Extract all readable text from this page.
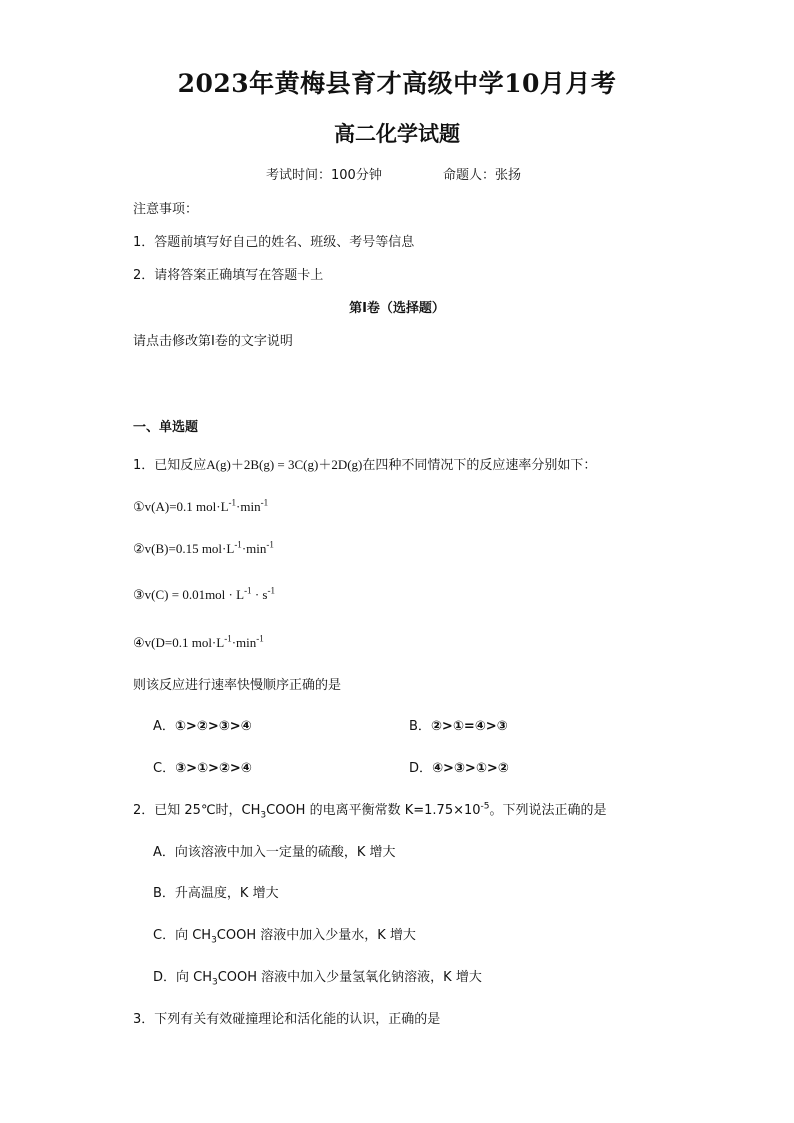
2023年黄梅县育才高级中学10月月考
高二化学试题
考试时间：100分钟	命题人：张扬
注意事项：
1．答题前填写好自己的姓名、班级、考号等信息
2．请将答案正确填写在答题卡上
第Ⅰ卷（选择题）
请点击修改第Ⅰ卷的文字说明
一、单选题
1．已知反应A(g)＋2B(g) = 3C(g)＋2D(g)在四种不同情况下的反应速率分别如下：
①v(A)=0.1 $mol\cdot L^{-1}\cdot\min^{-1}$
②v(B)=0.15 $mol\cdot L^{-1}\cdot\min^{-1}$
③v(C) = $0.01mol \cdot L^{-1} \cdot s^{-1}$
④v(D=0.1 $mol\cdot L^{-1}\cdot\min^{-1}$
则该反应进行速率快慢顺序正确的是
A．①>②>③>④	B．②>①=④>③
C．③>①>②>④	D．④>③>①>②
2．已知 25℃时，$CH_3COOH$ 的电离平衡常数 $K=1.75\times 10^{-5}$。下列说法正确的是
A．向该溶液中加入一定量的硫酸，K 增大
B．升高温度，K 增大
C．向 $CH_3COOH$ 溶液中加入少量水，K 增大
D．向 $CH_3COOH$ 溶液中加入少量氢氧化钠溶液，K 增大
3．下列有关有效碰撞理论和活化能的认识，正确的是
